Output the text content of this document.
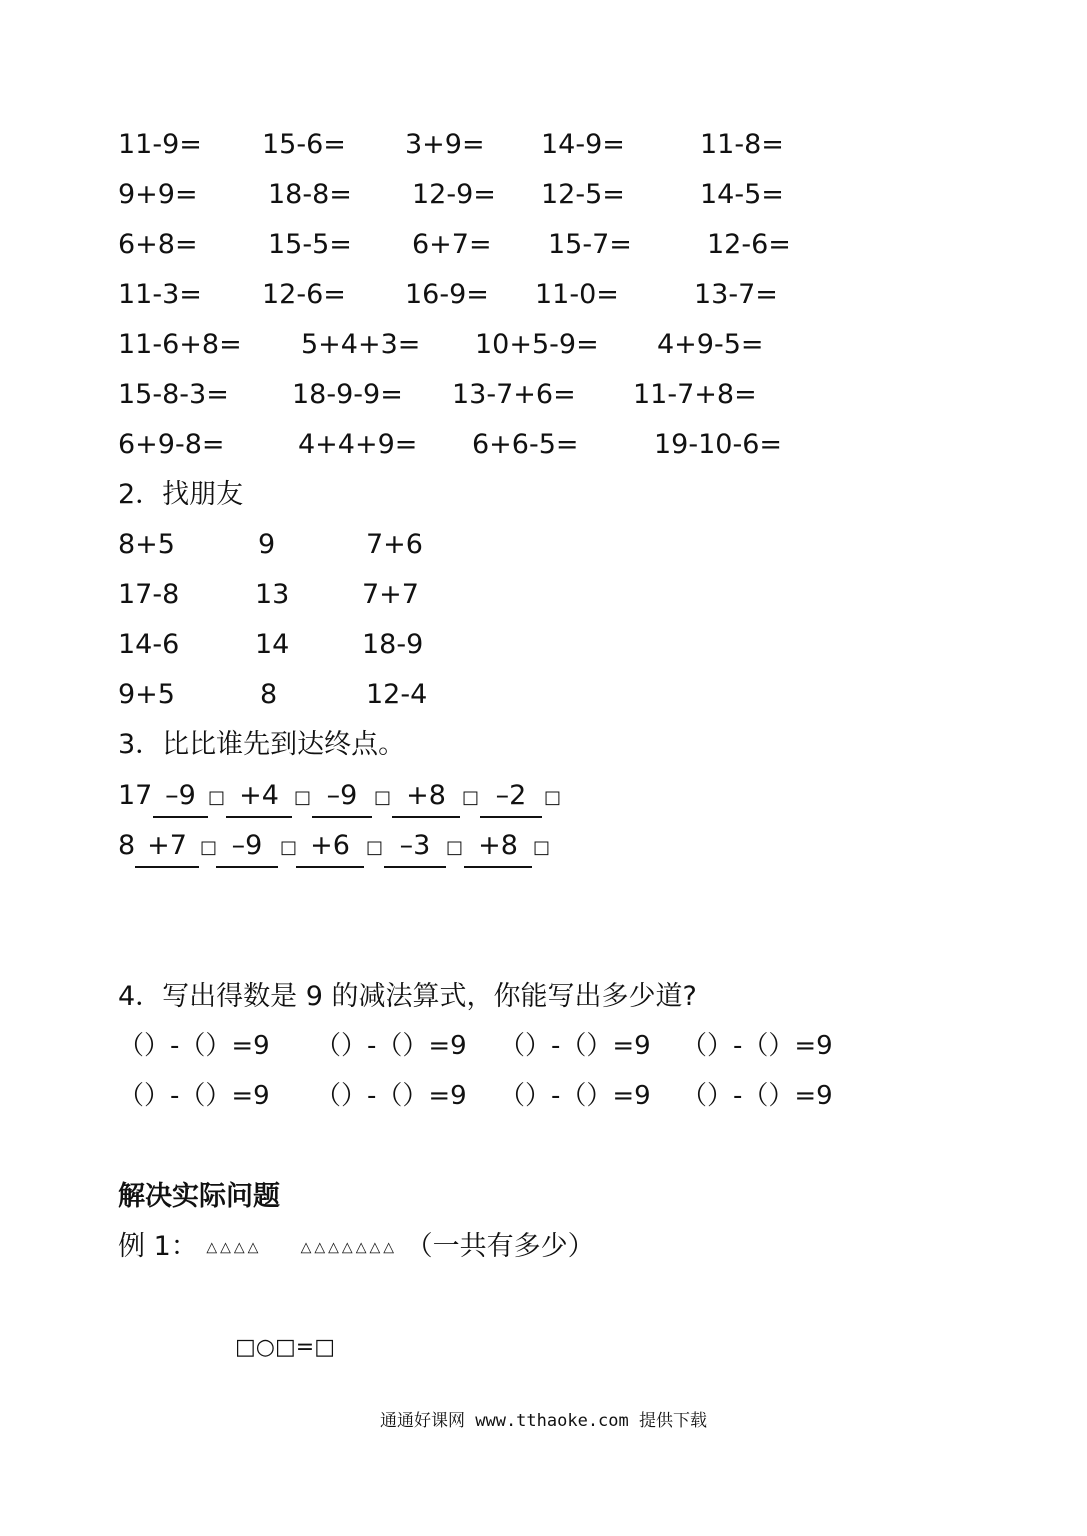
11-9= 15-6= 3+9= 14-9=	11-8=
9+9=	18-8= 12-9= 12-5=	14-5=
6+8=	15-5= 6+7= 15-7=	12-6=
11-3= 12-6= 16-9= 11-0=	13-7=
11-6+8= 5+4+3= 10+5-9= 4+9-5=
15-8-3= 18-9-9= 13-7+6= 11-7+8=
6+9-8=	4+4+9= 6+6-5=	19-10-6=
2．找朋友
8+5	9	7+6
17-8	13	7+7
14-6	14	18-9
9+5	8	12-4
3．比比谁先到达终点。
17 –9 □ +4 □ –9 □ +8 □ –2 □
8 +7 □ –9 □ +6 □ –3 □ +8 □
4．写出得数是 9 的减法算式，你能写出多少道?
（）-（）=9 （）-（）=9 （）-（）=9 （）-（）=9
（）-（）=9 （）-（）=9 （）-（）=9 （）-（）=9
解决实际问题
例 1： △△△△	△△△△△△△ （一共有多少）
□○□=□
通通好课网 www.tthaoke.com 提供下载
